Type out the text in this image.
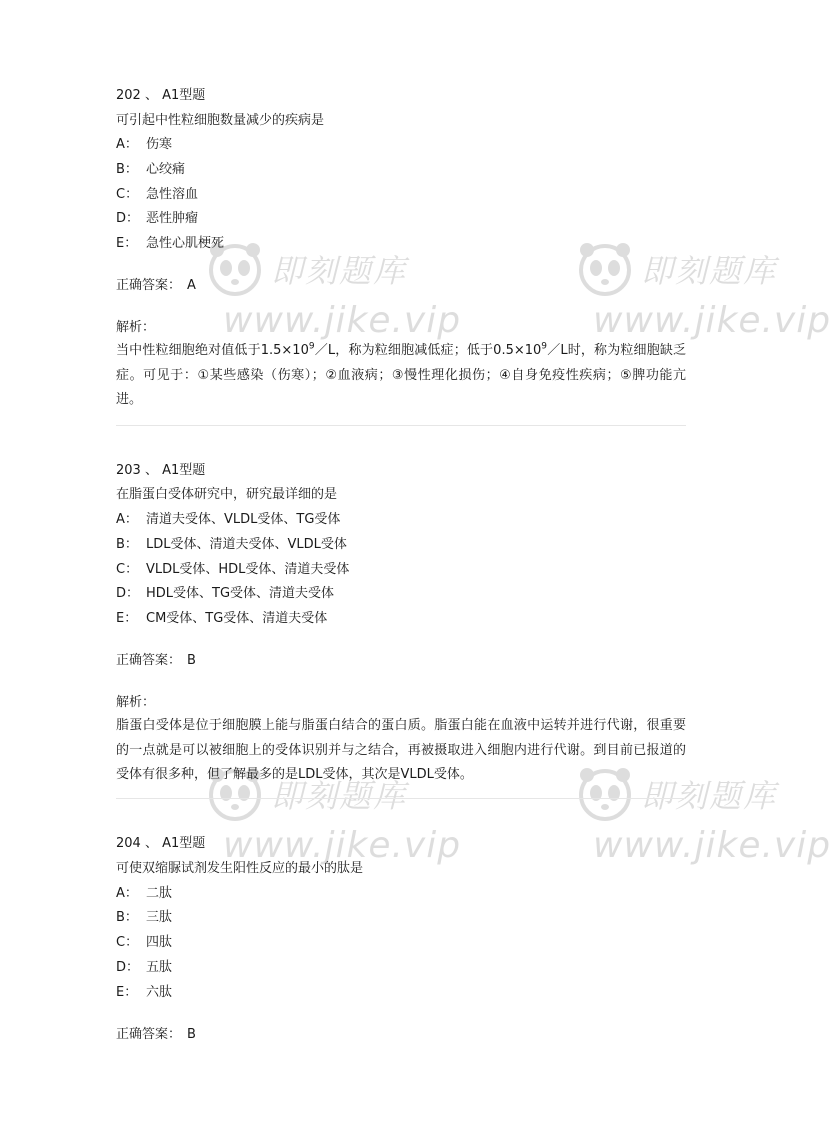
即刻题库
www.jike.vip
即刻题库
www.jike.vip
即刻题库
www.jike.vip
即刻题库
www.jike.vip
202 、 A1型题
可引起中性粒细胞数量减少的疾病是
A： 伤寒
B： 心绞痛
C： 急性溶血
D： 恶性肿瘤
E： 急性心肌梗死
正确答案： A
解析：
当中性粒细胞绝对值低于$1.5\times 10^9/L$，称为粒细胞减低症；低于$0.5\times 10^9/L$时，称为粒细胞缺乏症。可见于：①某些感染（伤寒）；②血液病；③慢性理化损伤；④自身免疫性疾病；⑤脾功能亢进。
203 、 A1型题
在脂蛋白受体研究中，研究最详细的是
A： 清道夫受体、VLDL受体、TG受体
B： LDL受体、清道夫受体、VLDL受体
C： VLDL受体、HDL受体、清道夫受体
D： HDL受体、TG受体、清道夫受体
E： CM受体、TG受体、清道夫受体
正确答案： B
解析：
脂蛋白受体是位于细胞膜上能与脂蛋白结合的蛋白质。脂蛋白能在血液中运转并进行代谢，很重要的一点就是可以被细胞上的受体识别并与之结合，再被摄取进入细胞内进行代谢。到目前已报道的受体有很多种，但了解最多的是LDL受体，其次是VLDL受体。
204 、 A1型题
可使双缩脲试剂发生阳性反应的最小的肽是
A： 二肽
B： 三肽
C： 四肽
D： 五肽
E： 六肽
正确答案： B
